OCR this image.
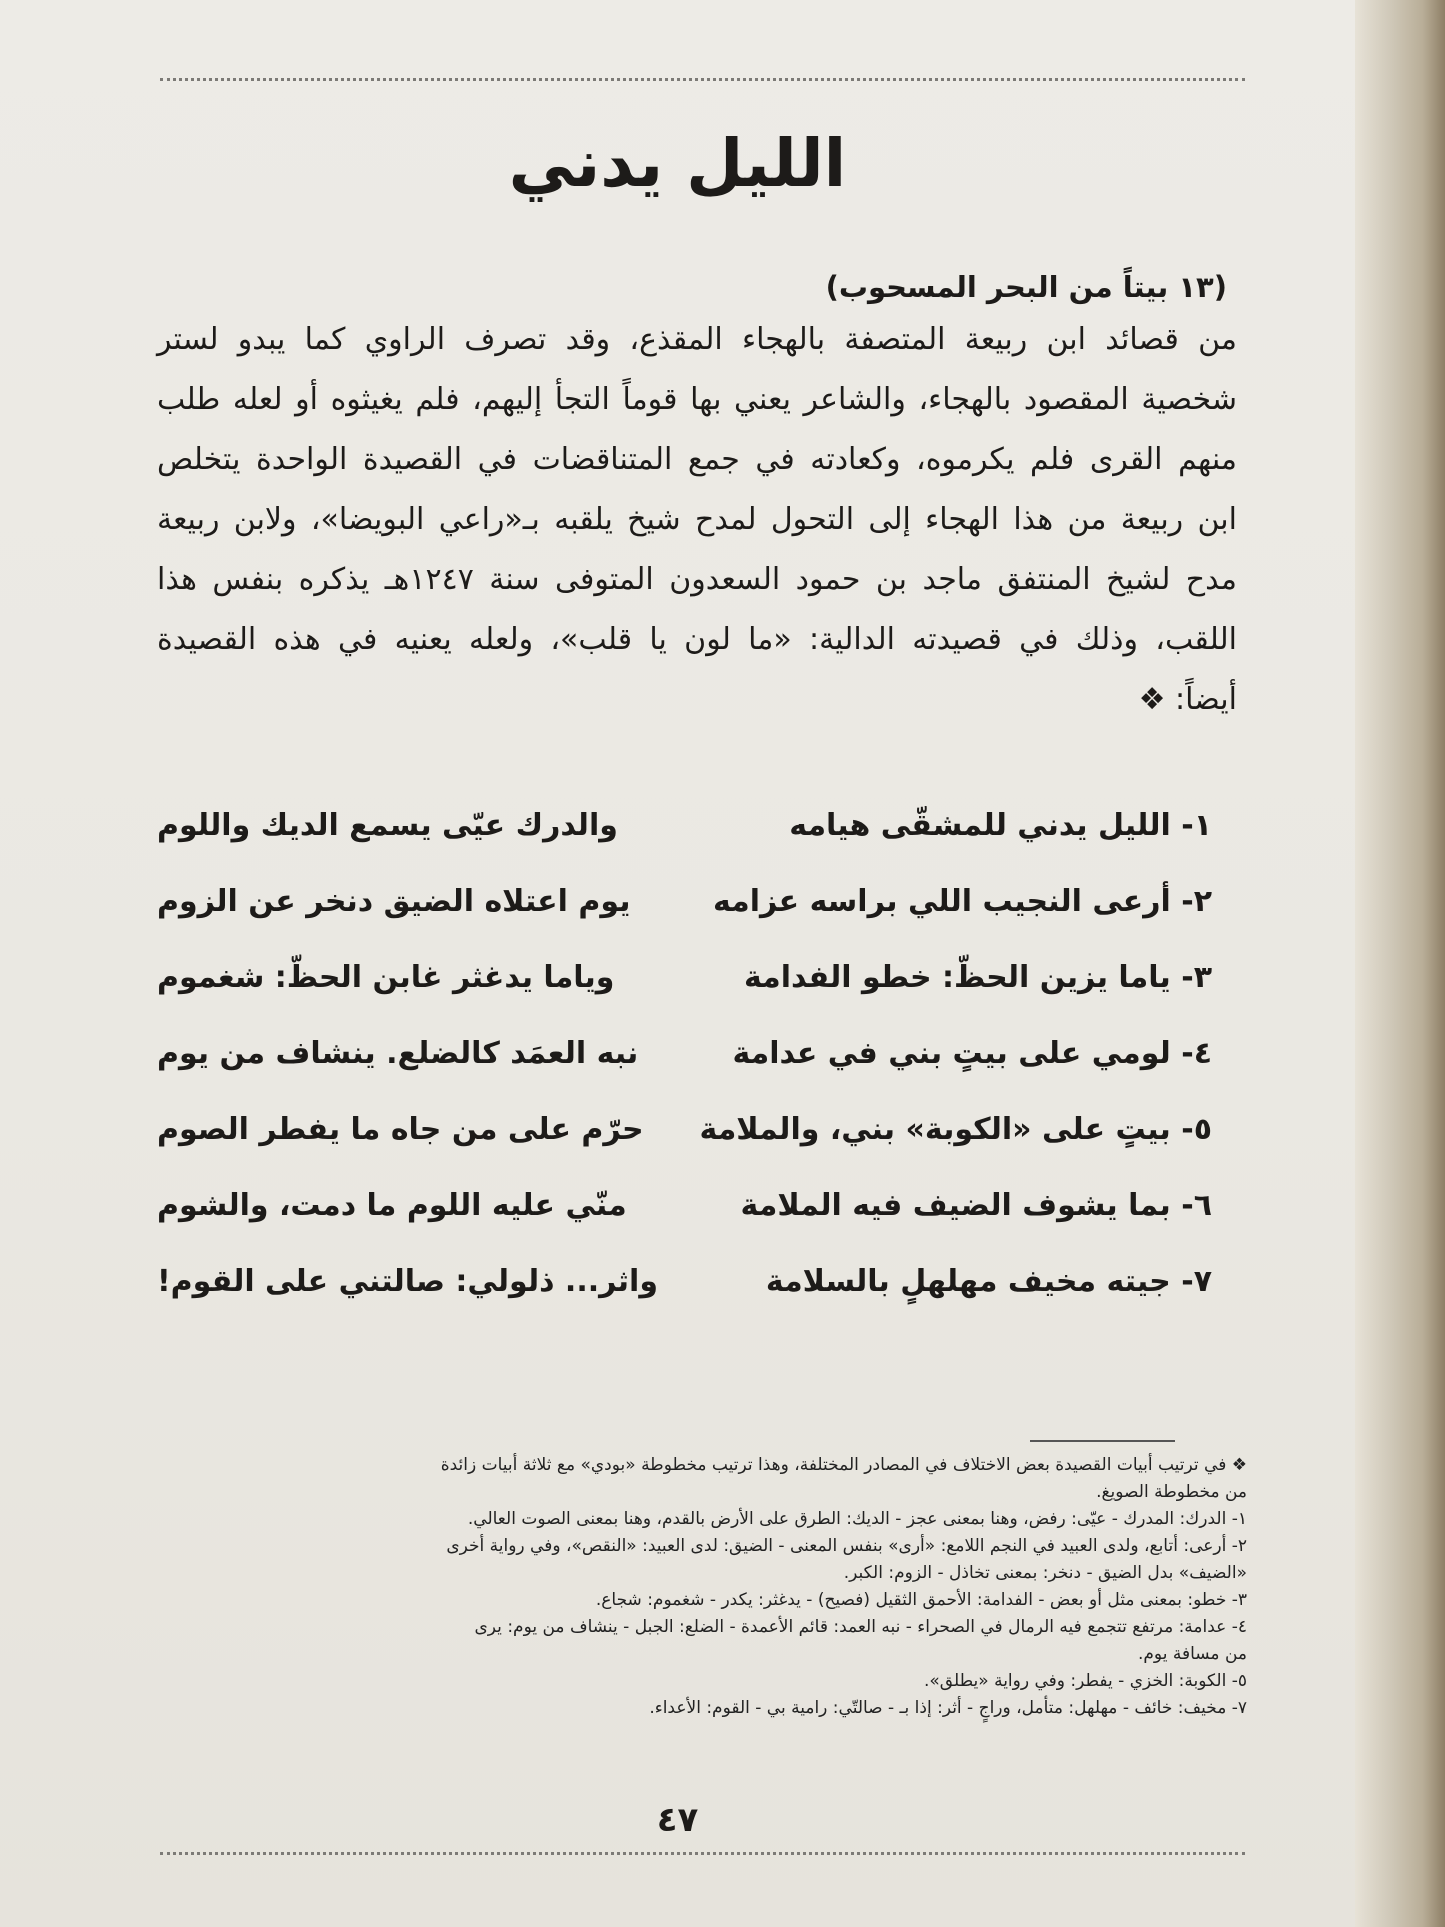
الليل يدني
(١٣ بيتاً من البحر المسحوب)
من قصائد ابن ربيعة المتصفة بالهجاء المقذع، وقد تصرف الراوي كما يبدو لستر
شخصية المقصود بالهجاء، والشاعر يعني بها قوماً التجأ إليهم، فلم يغيثوه أو لعله طلب
منهم القرى فلم يكرموه، وكعادته في جمع المتناقضات في القصيدة الواحدة يتخلص
ابن ربيعة من هذا الهجاء إلى التحول لمدح شيخ يلقبه بـ«راعي البويضا»، ولابن ربيعة
مدح لشيخ المنتفق ماجد بن حمود السعدون المتوفى سنة ١٢٤٧هـ يذكره بنفس هذا
اللقب، وذلك في قصيدته الدالية: «ما لون يا قلب»، ولعله يعنيه في هذه القصيدة
أيضاً: ❖
١- الليل يدني للمشقّى هيامه
والدرك عيّى يسمع الديك واللوم
٢- أرعى النجيب اللي براسه عزامه
يوم اعتلاه الضيق دنخر عن الزوم
٣- ياما يزين الحظّ: خطو الفدامة
وياما يدغثر غابن الحظّ: شغموم
٤- لومي على بيتٍ بني في عدامة
نبه العمَد كالضلع. ينشاف من يوم
٥- بيتٍ على «الكوبة» بني، والملامة
حرّم على من جاه ما يفطر الصوم
٦- بما يشوف الضيف فيه الملامة
منّي عليه اللوم ما دمت، والشوم
٧- جيته مخيف مهلهلٍ بالسلامة
واثر... ذلولي: صالتني على القوم!
❖ في ترتيب أبيات القصيدة بعض الاختلاف في المصادر المختلفة، وهذا ترتيب مخطوطة «بودي» مع ثلاثة أبيات زائدة
من مخطوطة الصويغ.
١- الدرك: المدرك - عيّى: رفض، وهنا بمعنى عجز - الديك: الطرق على الأرض بالقدم، وهنا بمعنى الصوت العالي.
٢- أرعى: أتابع، ولدى العبيد في النجم اللامع: «أرى» بنفس المعنى - الضيق: لدى العبيد: «النقص»، وفي رواية أخرى
«الضيف» بدل الضيق - دنخر: بمعنى تخاذل - الزوم: الكبر.
٣- خطو: بمعنى مثل أو بعض - الفدامة: الأحمق الثقيل (فصيح) - يدغثر: يكدر - شغموم: شجاع.
٤- عدامة: مرتفع تتجمع فيه الرمال في الصحراء - نبه العمد: قائم الأعمدة - الضلع: الجبل - ينشاف من يوم: يرى
من مسافة يوم.
٥- الكوبة: الخزي - يفطر: وفي رواية «يطلق».
٧- مخيف: خائف - مهلهل: متأمل، وراجٍ - أثر: إذا بـ - صالتّي: رامية بي - القوم: الأعداء.
٤٧
